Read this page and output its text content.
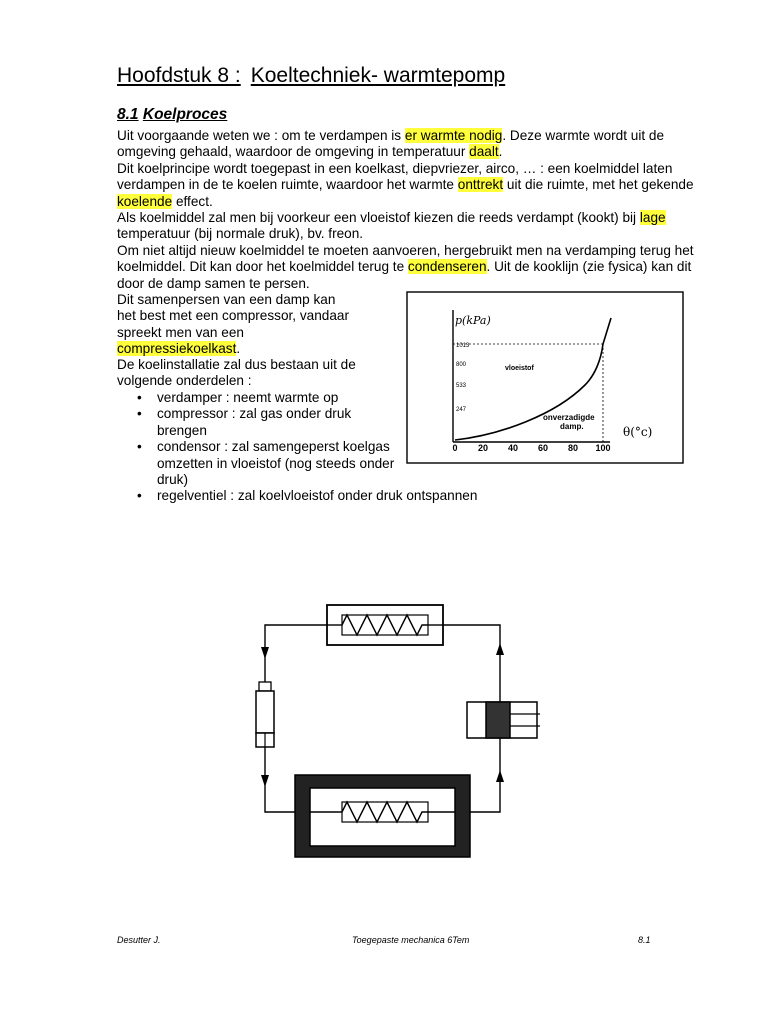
Hoofdstuk 8 : Koeltechniek- warmtepomp
8.1 Koelproces

Uit voorgaande weten we : om te verdampen is er warmte nodig. Deze warmte wordt uit de omgeving gehaald, waardoor de omgeving in temperatuur daalt.

Dit koelprincipe wordt toegepast in een koelkast, diepvriezer, airco, … : een koelmiddel laten verdampen in de te koelen ruimte, waardoor het warmte onttrekt uit die ruimte, met het gekende koelende effect.

Als koelmiddel zal men bij voorkeur een vloeistof kiezen die reeds verdampt (kookt) bij lage temperatuur (bij normale druk), bv. freon.

Om niet altijd nieuw koelmiddel te moeten aanvoeren, hergebruikt men na verdamping terug het koelmiddel. Dit kan door het koelmiddel terug te condenseren. Uit de kooklijn (zie fysica) kan dit door de damp samen te persen.

Dit samenpersen van een damp kan het best met een compressor, vandaar spreekt men van een compressiekoelkast.

De koelinstallatie zal dus bestaan uit de volgende onderdelen :

• verdamper : neemt warmte op
• compressor : zal gas onder druk brengen
• condensor : zal samengeperst koelgas omzetten in vloeistof (nog steeds onder druk)
• regelventiel : zal koelvloeistof onder druk ontspannen
p(kPa)
θ(°c)
0 20 40 60 80 100
1013
800
533
247
vloeistof
onverzadigde
damp.
Desutter J.	Toegepaste mechanica 6Tem	8.1
